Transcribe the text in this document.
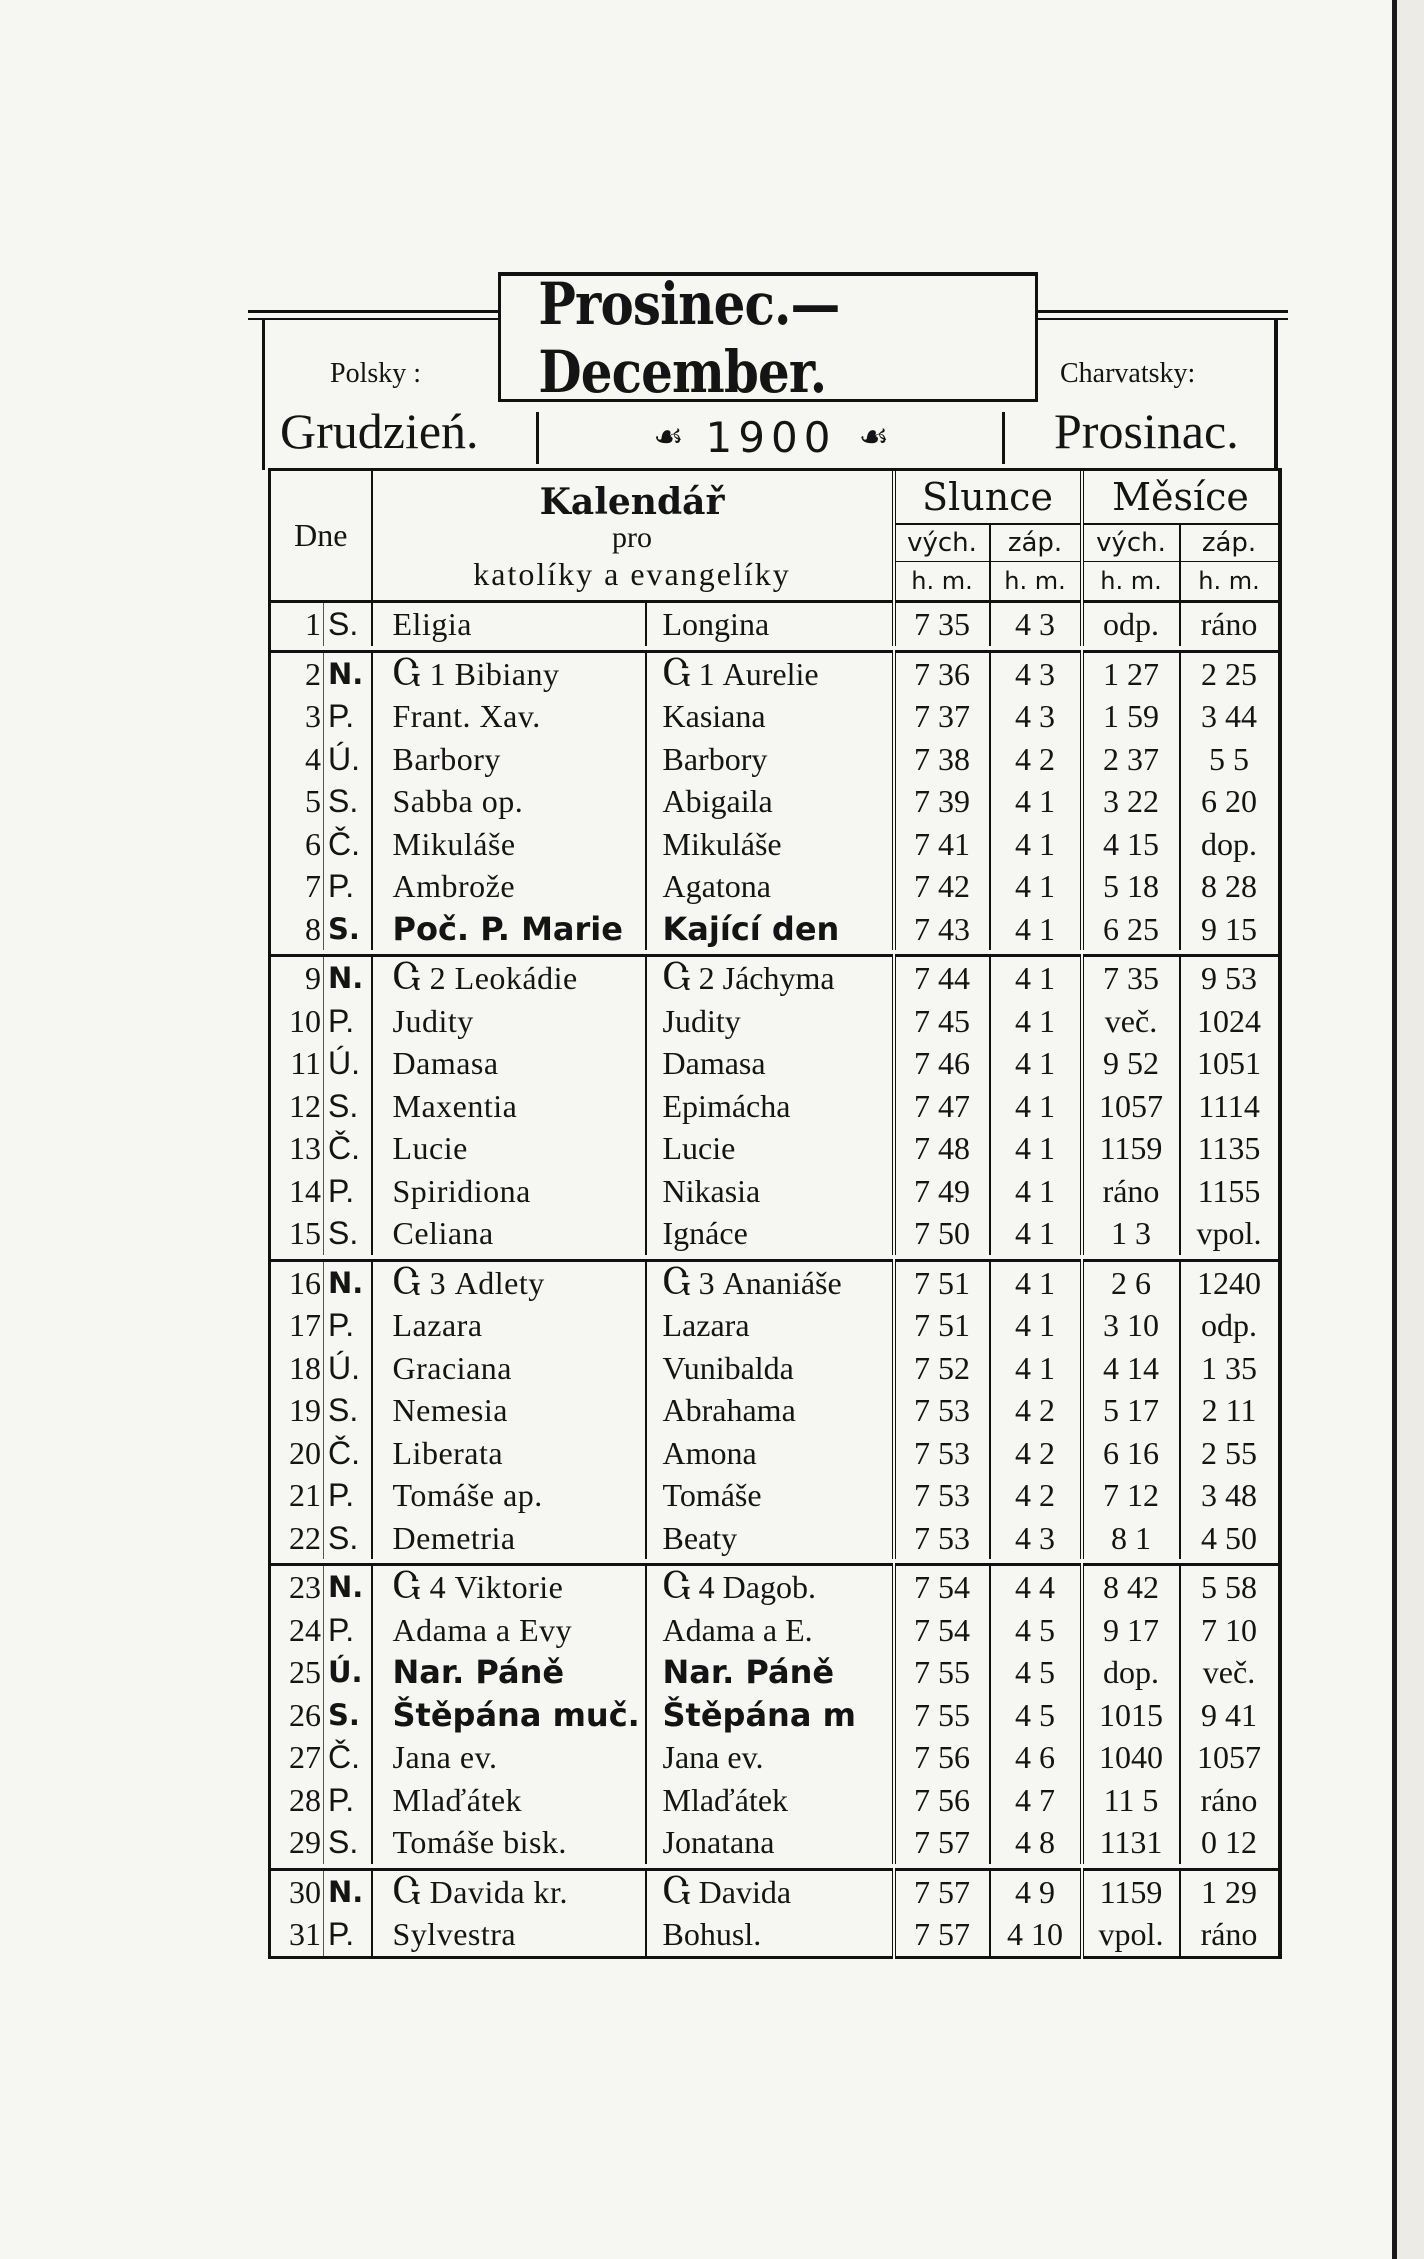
Prosinec.— December.
Polsky :
Grudzień.
Charvatsky:
Prosinac.
☙ 1900 ☙

Dne		Kalendář
pro
katolíky a evangelíky		Slunce		Měsíce	
				vých.	záp.	vých.	záp.
				h. m.	h. m.	h. m.	h. m.

1	S.	Eligia	Longina	7 35	4 3	odp.	ráno

2	N.	Ⴚ 1 Bibiany	Ⴚ 1 Aurelie	7 36	4 3	1 27	2 25
3	P.	Frant. Xav.	Kasiana	7 37	4 3	1 59	3 44
4	Ú.	Barbory	Barbory	7 38	4 2	2 37	5 5
5	S.	Sabba op.	Abigaila	7 39	4 1	3 22	6 20
6	Č.	Mikuláše	Mikuláše	7 41	4 1	4 15	dop.
7	P.	Ambrože	Agatona	7 42	4 1	5 18	8 28
8	S.	Poč. P. Marie	Kající den	7 43	4 1	6 25	9 15

9	N.	Ⴚ 2 Leokádie	Ⴚ 2 Jáchyma	7 44	4 1	7 35	9 53
10	P.	Judity	Judity	7 45	4 1	več.	1024
11	Ú.	Damasa	Damasa	7 46	4 1	9 52	1051
12	S.	Maxentia	Epimácha	7 47	4 1	1057	1114
13	Č.	Lucie	Lucie	7 48	4 1	1159	1135
14	P.	Spiridiona	Nikasia	7 49	4 1	ráno	1155
15	S.	Celiana	Ignáce	7 50	4 1	1 3	vpol.

16	N.	Ⴚ 3 Adlety	Ⴚ 3 Ananiáše	7 51	4 1	2 6	1240
17	P.	Lazara	Lazara	7 51	4 1	3 10	odp.
18	Ú.	Graciana	Vunibalda	7 52	4 1	4 14	1 35
19	S.	Nemesia	Abrahama	7 53	4 2	5 17	2 11
20	Č.	Liberata	Amona	7 53	4 2	6 16	2 55
21	P.	Tomáše ap.	Tomáše	7 53	4 2	7 12	3 48
22	S.	Demetria	Beaty	7 53	4 3	8 1	4 50

23	N.	Ⴚ 4 Viktorie	Ⴚ 4 Dagob.	7 54	4 4	8 42	5 58
24	P.	Adama a Evy	Adama a E.	7 54	4 5	9 17	7 10
25	Ú.	Nar. Páně	Nar. Páně	7 55	4 5	dop.	več.
26	S.	Štěpána muč.	Štěpána m	7 55	4 5	1015	9 41
27	Č.	Jana ev.	Jana ev.	7 56	4 6	1040	1057
28	P.	Mlaďátek	Mlaďátek	7 56	4 7	11 5	ráno
29	S.	Tomáše bisk.	Jonatana	7 57	4 8	1131	0 12

30	N.	Ⴚ Davida kr.	Ⴚ Davida	7 57	4 9	1159	1 29
31	P.	Sylvestra	Bohusl.	7 57	4 10	vpol.	ráno
